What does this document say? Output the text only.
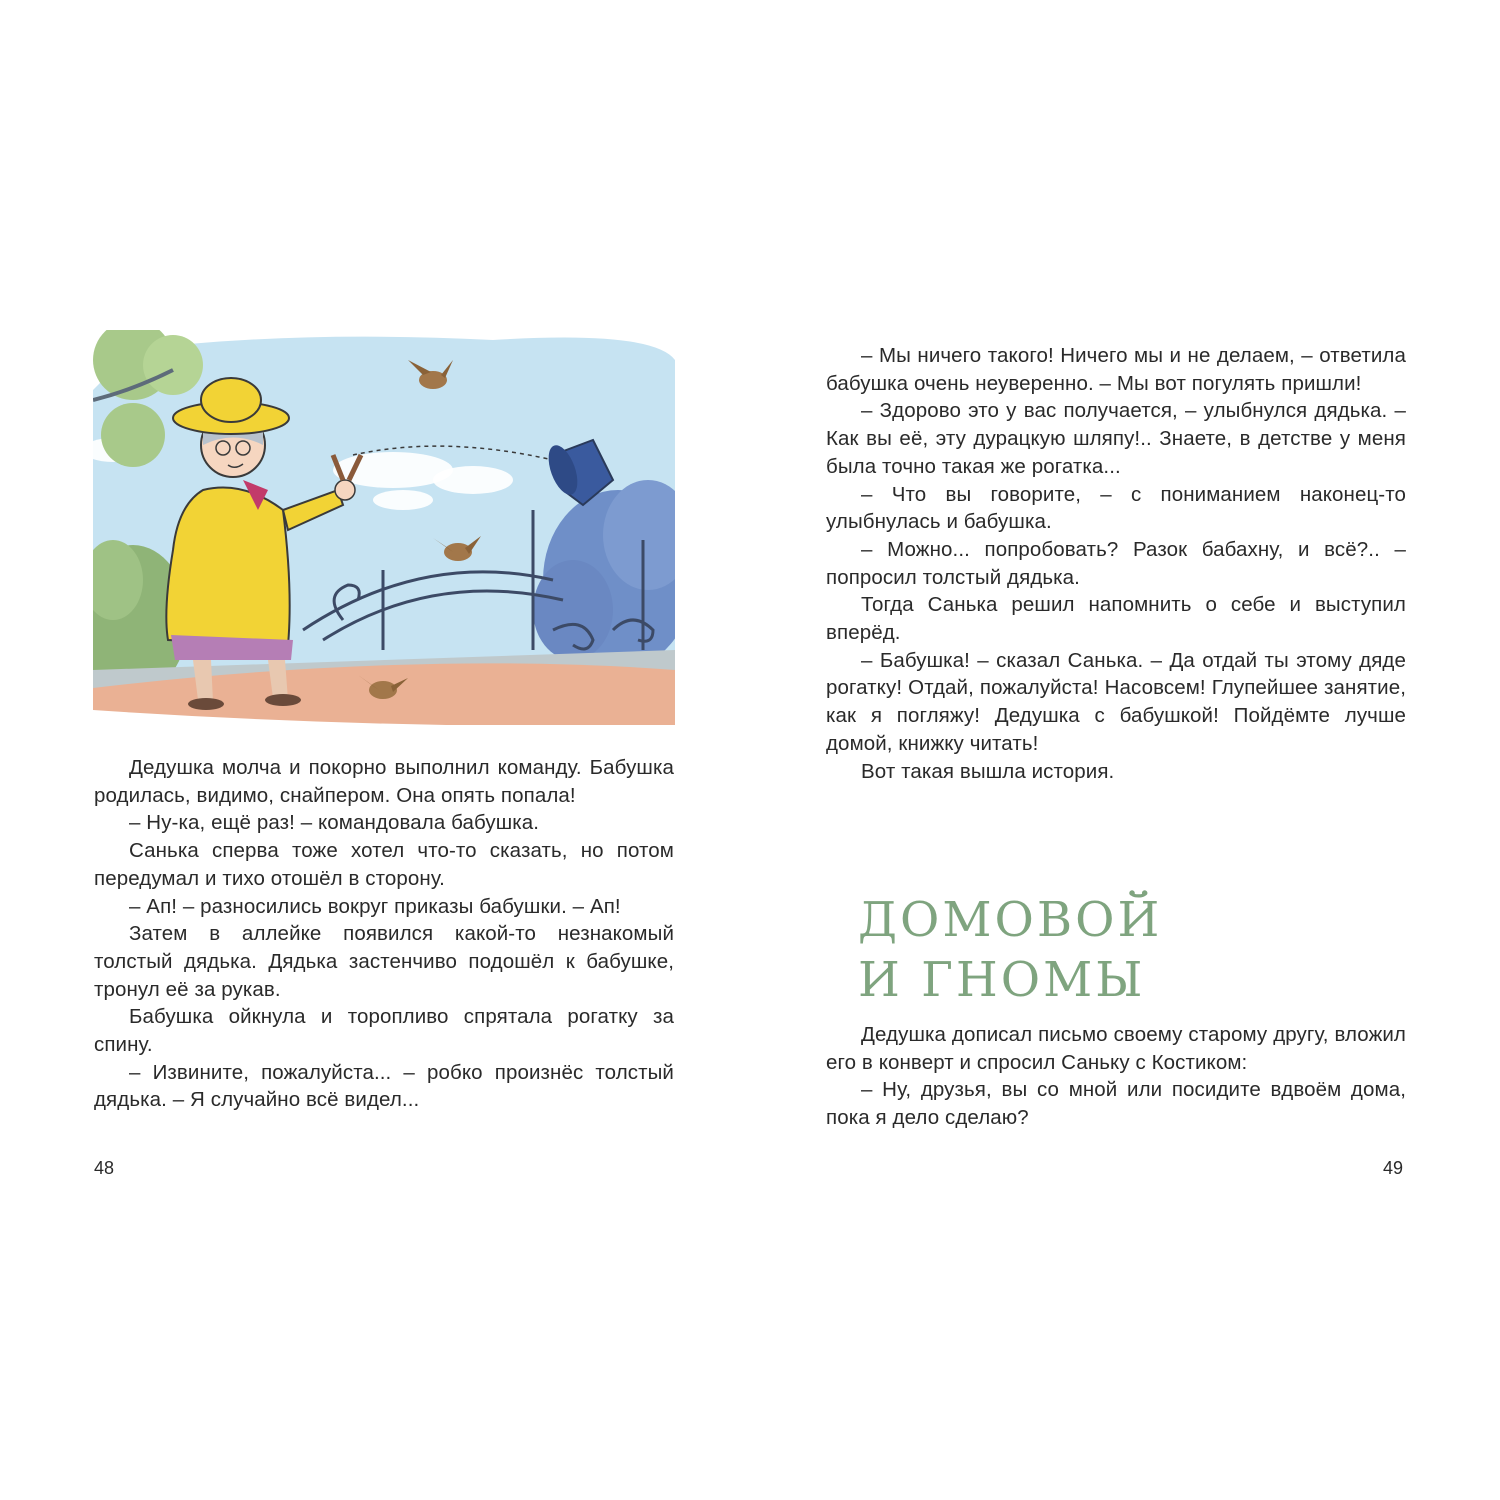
Дедушка молча и покорно выполнил команду. Бабушка родилась, видимо, снайпером. Она опять попала!

– Ну-ка, ещё раз! – командовала бабушка.

Санька сперва тоже хотел что-то сказать, но потом передумал и тихо отошёл в сторону.

– Ап! – разносились вокруг приказы бабушки. – Ап!

Затем в аллейке появился какой-то незнакомый толстый дядька. Дядька застенчиво подошёл к бабушке, тронул её за рукав.

Бабушка ойкнула и торопливо спрятала рогатку за спину.

– Извините, пожалуйста... – робко произнёс толстый дядька. – Я случайно всё видел...

48

– Мы ничего такого! Ничего мы и не делаем, – ответила бабушка очень неуверенно. – Мы вот погулять пришли!

– Здорово это у вас получается, – улыбнулся дядька. – Как вы её, эту дурацкую шляпу!.. Знаете, в детстве у меня была точно такая же рогатка...

– Что вы говорите, – с пониманием наконец-то улыбнулась и бабушка.

– Можно... попробовать? Разок бабахну, и всё?.. – попросил толстый дядька.

Тогда Санька решил напомнить о себе и выступил вперёд.

– Бабушка! – сказал Санька. – Да отдай ты этому дяде рогатку! Отдай, пожалуйста! Насовсем! Глупейшее занятие, как я погляжу! Дедушка с бабушкой! Пойдёмте лучше домой, книжку читать!

Вот такая вышла история.

ДОМОВОЙ
И ГНОМЫ

Дедушка дописал письмо своему старому другу, вложил его в конверт и спросил Саньку с Костиком:

– Ну, друзья, вы со мной или посидите вдвоём дома, пока я дело сделаю?

49
